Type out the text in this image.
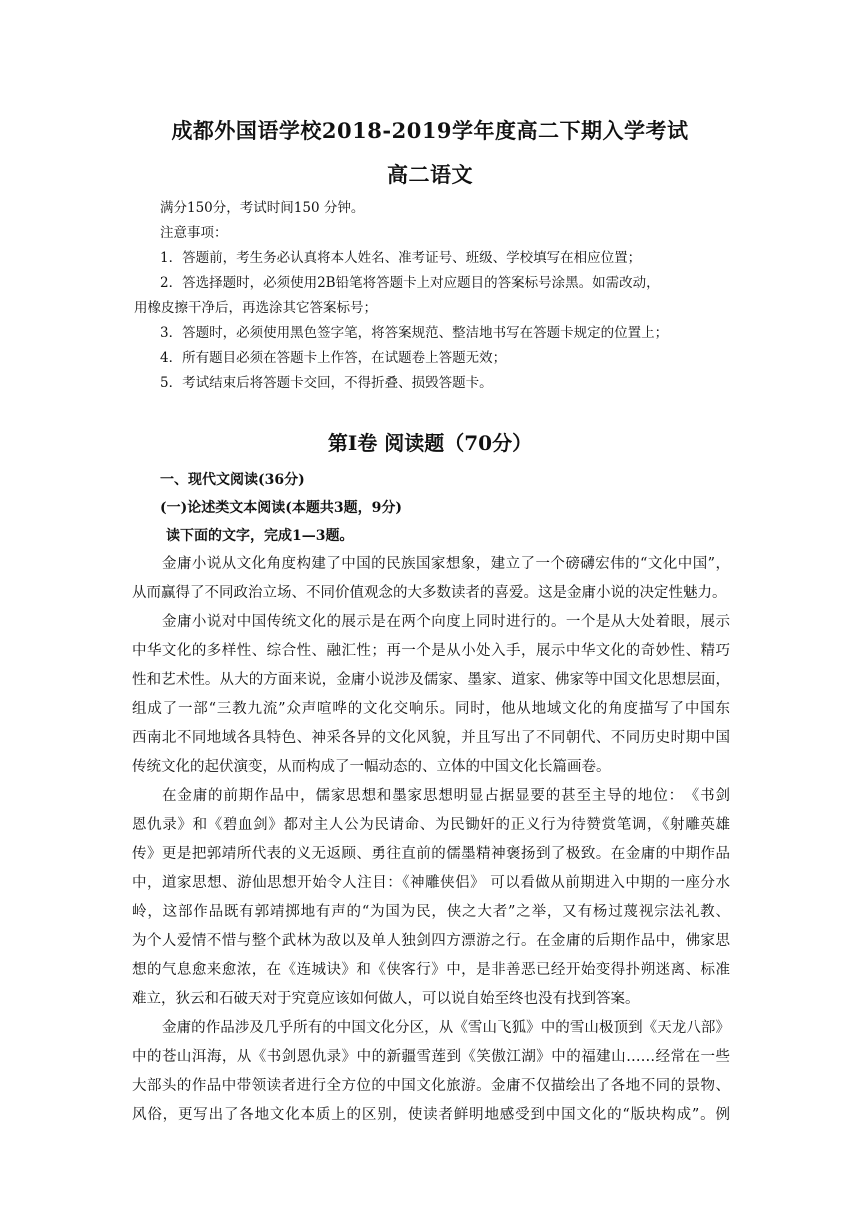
成都外国语学校2018-2019学年度高二下期入学考试
高二语文
满分150分，考试时间150 分钟。
注意事项：
1．答题前，考生务必认真将本人姓名、准考证号、班级、学校填写在相应位置；
2．答选择题时，必须使用2B铅笔将答题卡上对应题目的答案标号涂黑。如需改动，
用橡皮擦干净后，再选涂其它答案标号；
3．答题时，必须使用黑色签字笔，将答案规范、整洁地书写在答题卡规定的位置上；
4．所有题目必须在答题卡上作答，在试题卷上答题无效；
5．考试结束后将答题卡交回，不得折叠、损毁答题卡。
第Ⅰ卷 阅读题（70分）
一、现代文阅读(36分)
(一)论述类文本阅读(本题共3题，9分)
读下面的文字，完成1—3题。
金庸小说从文化角度构建了中国的民族国家想象，建立了一个磅礴宏伟的“文化中国”，
从而赢得了不同政治立场、不同价值观念的大多数读者的喜爱。这是金庸小说的决定性魅力。
金庸小说对中国传统文化的展示是在两个向度上同时进行的。一个是从大处着眼，展示
中华文化的多样性、综合性、融汇性；再一个是从小处入手，展示中华文化的奇妙性、精巧
性和艺术性。从大的方面来说，金庸小说涉及儒家、墨家、道家、佛家等中国文化思想层面，
组成了一部“三教九流”众声喧哗的文化交响乐。同时，他从地域文化的角度描写了中国东
西南北不同地域各具特色、神采各异的文化风貌，并且写出了不同朝代、不同历史时期中国
传统文化的起伏演变，从而构成了一幅动态的、立体的中国文化长篇画卷。
在金庸的前期作品中，儒家思想和墨家思想明显占据显要的甚至主导的地位：　《书剑
恩仇录》和《碧血剑》都对主人公为民请命、为民锄奸的正义行为待赞赏笔调，《射雕英雄
传》更是把郭靖所代表的义无返顾、勇往直前的儒墨精神褒扬到了极致。在金庸的中期作品
中，道家思想、游仙思想开始令人注目：《神雕侠侣》 可以看做从前期进入中期的一座分水
岭，这部作品既有郭靖掷地有声的“为国为民，侠之大者”之举，又有杨过蔑视宗法礼教、
为个人爱情不惜与整个武林为敌以及单人独剑四方漂游之行。在金庸的后期作品中，佛家思
想的气息愈来愈浓，在《连城诀》和《侠客行》中，是非善恶已经开始变得扑朔迷离、标准
难立，狄云和石破天对于究竟应该如何做人，可以说自始至终也没有找到答案。
金庸的作品涉及几乎所有的中国文化分区，从《雪山飞狐》中的雪山极顶到《天龙八部》
中的苍山洱海，从《书剑恩仇录》中的新疆雪莲到《笑傲江湖》中的福建山……经常在一些
大部头的作品中带领读者进行全方位的中国文化旅游。金庸不仅描绘出了各地不同的景物、
风俗，更写出了各地文化本质上的区别，使读者鲜明地感受到中国文化的“版块构成”。例
